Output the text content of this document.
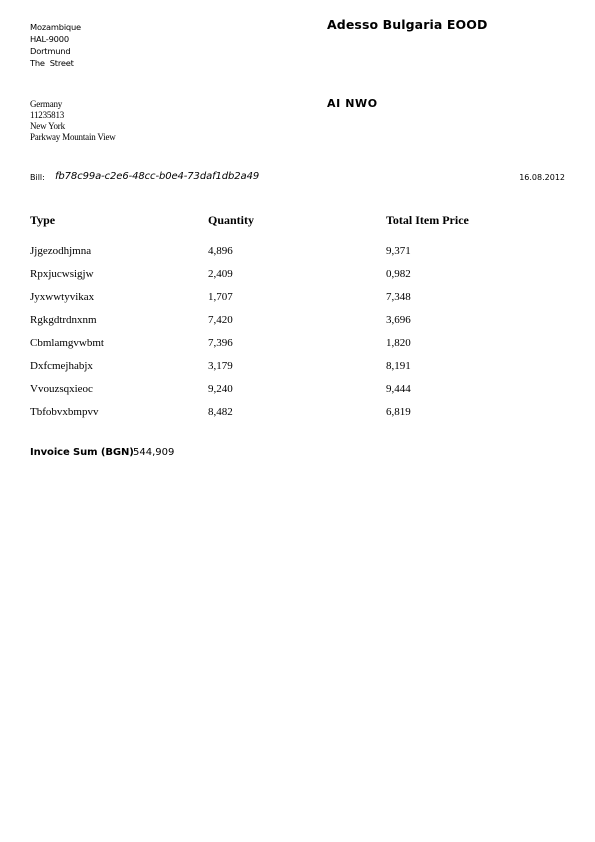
Mozambique
HAL-9000
Dortmund
The  Street
Adesso Bulgaria EOOD
Germany
11235813
New York
Parkway Mountain View
AI NWO
Bill: fb78c99a-c2e6-48cc-b0e4-73daf1db2a49	16.08.2012
Type	Quantity	Total Item Price
Jjgezodhjmna	4,896	9,371
Rpxjucwsigjw	2,409	0,982
Jyxwwtyvikax	1,707	7,348
Rgkgdtrdnxnm	7,420	3,696
Cbmlamgvwbmt	7,396	1,820
Dxfcmejhabjx	3,179	8,191
Vvouzsqxieoc	9,240	9,444
Tbfobvxbmpvv	8,482	6,819
Invoice Sum (BGN) 544,909
